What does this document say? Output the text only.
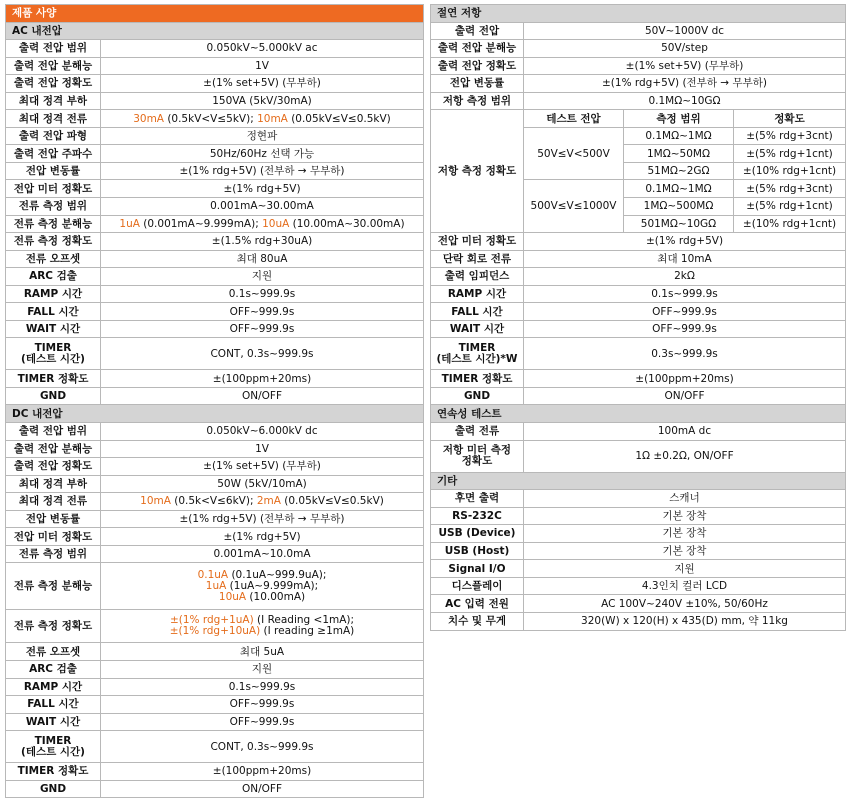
제품 사양	
AC 내전압	
출력 전압 범위	0.050kV~5.000kV ac
출력 전압 분해능	1V
출력 전압 정확도	±(1% set+5V) (무부하)
최대 정격 부하	150VA (5kV/30mA)
최대 정격 전류	30mA (0.5kV<V≤5kV); 10mA (0.05kV≤V≤0.5kV)
출력 전압 파형	정현파
출력 전압 주파수	50Hz/60Hz 선택 가능
전압 변동률	±(1% rdg+5V) (전부하 → 무부하)
전압 미터 정확도	±(1% rdg+5V)
전류 측정 범위	0.001mA~30.00mA
전류 측정 분해능	1uA (0.001mA~9.999mA); 10uA (10.00mA~30.00mA)
전류 측정 정확도	±(1.5% rdg+30uA)
전류 오프셋	최대 80uA
ARC 검출	지원
RAMP 시간	0.1s~999.9s
FALL 시간	OFF~999.9s
WAIT 시간	OFF~999.9s
TIMER
(테스트 시간)	CONT, 0.3s~999.9s
TIMER 정확도	±(100ppm+20ms)
GND	ON/OFF
DC 내전압	
출력 전압 범위	0.050kV~6.000kV dc
출력 전압 분해능	1V
출력 전압 정확도	±(1% set+5V) (무부하)
최대 정격 부하	50W (5kV/10mA)
최대 정격 전류	10mA (0.5k<V≤6kV); 2mA (0.05kV≤V≤0.5kV)
전압 변동률	±(1% rdg+5V) (전부하 → 무부하)
전압 미터 정확도	±(1% rdg+5V)
전류 측정 범위	0.001mA~10.0mA
전류 측정 분해능	0.1uA (0.1uA~999.9uA);
1uA (1uA~9.999mA);
10uA (10.00mA)
전류 측정 정확도	±(1% rdg+1uA) (I Reading <1mA);
±(1% rdg+10uA) (I reading ≥1mA)
전류 오프셋	최대 5uA
ARC 검출	지원
RAMP 시간	0.1s~999.9s
FALL 시간	OFF~999.9s
WAIT 시간	OFF~999.9s
TIMER
(테스트 시간)	CONT, 0.3s~999.9s
TIMER 정확도	±(100ppm+20ms)
GND	ON/OFF
절연 저항			
출력 전압	50V~1000V dc		
출력 전압 분해능	50V/step		
출력 전압 정확도	±(1% set+5V) (무부하)		
전압 변동률	±(1% rdg+5V) (전부하 → 무부하)		
저항 측정 범위	0.1MΩ~10GΩ		
저항 측정 정확도	테스트 전압	측정 범위	정확도
	50V≤V<500V	0.1MΩ~1MΩ	±(5% rdg+3cnt)
		1MΩ~50MΩ	±(5% rdg+1cnt)
		51MΩ~2GΩ	±(10% rdg+1cnt)
	500V≤V≤1000V	0.1MΩ~1MΩ	±(5% rdg+3cnt)
		1MΩ~500MΩ	±(5% rdg+1cnt)
		501MΩ~10GΩ	±(10% rdg+1cnt)
전압 미터 정확도	±(1% rdg+5V)		
단락 회로 전류	최대 10mA		
출력 임피던스	2kΩ		
RAMP 시간	0.1s~999.9s		
FALL 시간	OFF~999.9s		
WAIT 시간	OFF~999.9s		
TIMER
(테스트 시간)*W	0.3s~999.9s		
TIMER 정확도	±(100ppm+20ms)		
GND	ON/OFF		
연속성 테스트			
출력 전류	100mA dc		
저항 미터 측정
정확도	1Ω ±0.2Ω, ON/OFF		
기타			
후면 출력	스캐너		
RS-232C	기본 장착		
USB (Device)	기본 장착		
USB (Host)	기본 장착		
Signal I/O	지원		
디스플레이	4.3인치 컬러 LCD		
AC 입력 전원	AC 100V~240V ±10%, 50/60Hz		
치수 및 무게	320(W) x 120(H) x 435(D) mm, 약 11kg		
